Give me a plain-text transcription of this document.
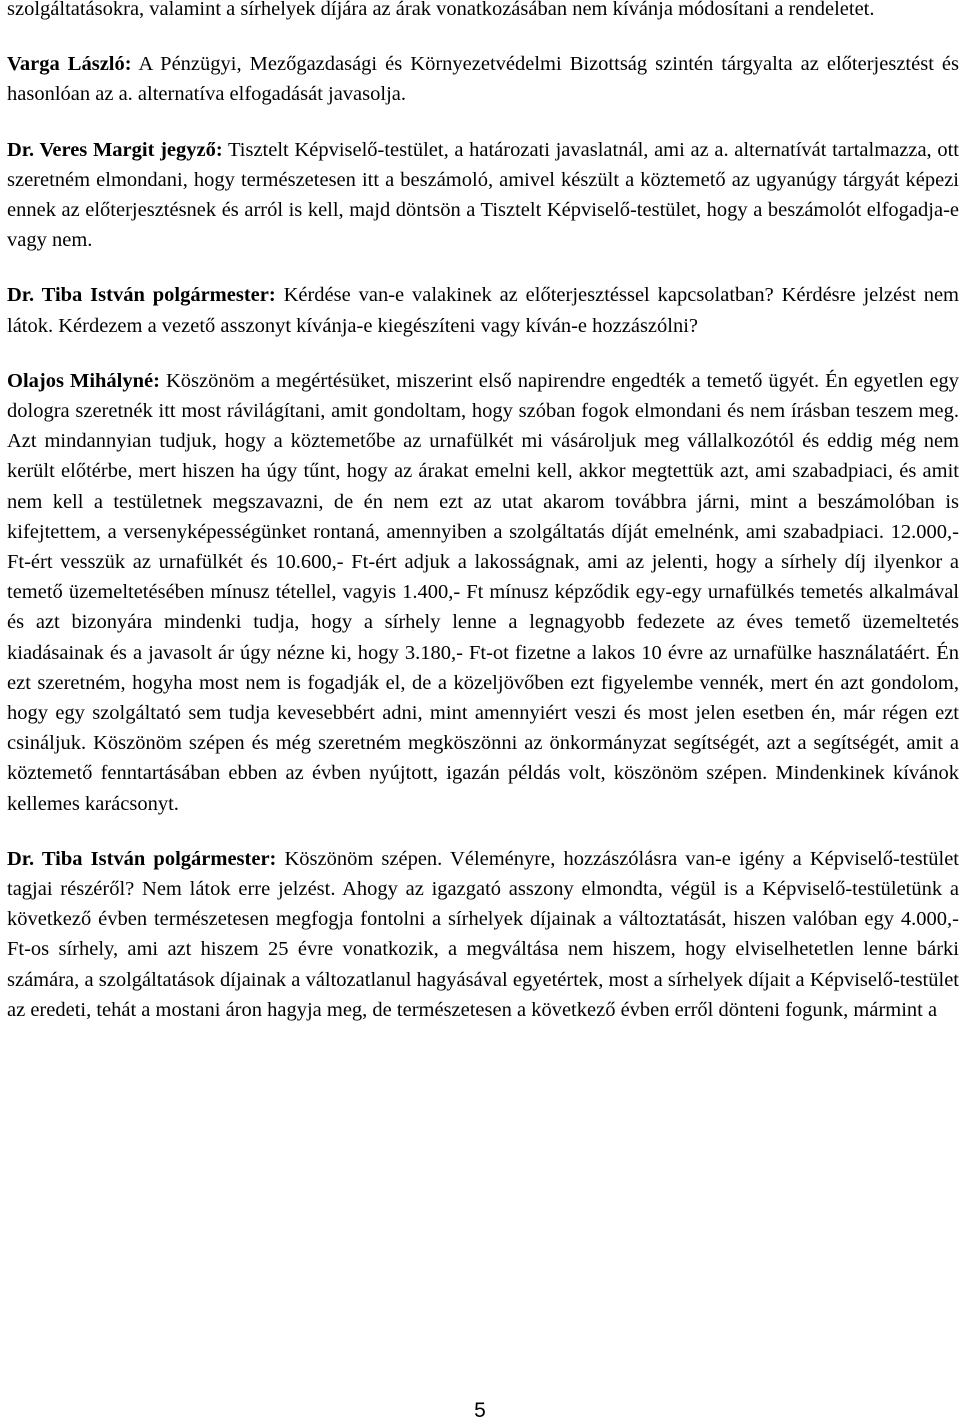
szolgáltatásokra, valamint a sírhelyek díjára az árak vonatkozásában nem kívánja módosítani a rendeletet.

Varga László: A Pénzügyi, Mezőgazdasági és Környezetvédelmi Bizottság szintén tárgyalta az előterjesztést és hasonlóan az a. alternatíva elfogadását javasolja.

Dr. Veres Margit jegyző: Tisztelt Képviselő-testület, a határozati javaslatnál, ami az a. alternatívát tartalmazza, ott szeretném elmondani, hogy természetesen itt a beszámoló, amivel készült a köztemető az ugyanúgy tárgyát képezi ennek az előterjesztésnek és arról is kell, majd döntsön a Tisztelt Képviselő-testület, hogy a beszámolót elfogadja-e vagy nem.

Dr. Tiba István polgármester: Kérdése van-e valakinek az előterjesztéssel kapcsolatban? Kérdésre jelzést nem látok. Kérdezem a vezető asszonyt kívánja-e kiegészíteni vagy kíván-e hozzászólni?

Olajos Mihályné: Köszönöm a megértésüket, miszerint első napirendre engedték a temető ügyét. Én egyetlen egy dologra szeretnék itt most rávilágítani, amit gondoltam, hogy szóban fogok elmondani és nem írásban teszem meg. Azt mindannyian tudjuk, hogy a köztemetőbe az urnafülkét mi vásároljuk meg vállalkozótól és eddig még nem került előtérbe, mert hiszen ha úgy tűnt, hogy az árakat emelni kell, akkor megtettük azt, ami szabadpiaci, és amit nem kell a testületnek megszavazni, de én nem ezt az utat akarom továbbra járni, mint a beszámolóban is kifejtettem, a versenyképességünket rontaná, amennyiben a szolgáltatás díját emelnénk, ami szabadpiaci. 12.000,- Ft-ért vesszük az urnafülkét és 10.600,- Ft-ért adjuk a lakosságnak, ami az jelenti, hogy a sírhely díj ilyenkor a temető üzemeltetésében mínusz tétellel, vagyis 1.400,- Ft mínusz képződik egy-egy urnafülkés temetés alkalmával és azt bizonyára mindenki tudja, hogy a sírhely lenne a legnagyobb fedezete az éves temető üzemeltetés kiadásainak és a javasolt ár úgy nézne ki, hogy 3.180,- Ft-ot fizetne a lakos 10 évre az urnafülke használatáért. Én ezt szeretném, hogyha most nem is fogadják el, de a közeljövőben ezt figyelembe vennék, mert én azt gondolom, hogy egy szolgáltató sem tudja kevesebbért adni, mint amennyiért veszi és most jelen esetben én, már régen ezt csináljuk. Köszönöm szépen és még szeretném megköszönni az önkormányzat segítségét, azt a segítségét, amit a köztemető fenntartásában ebben az évben nyújtott, igazán példás volt, köszönöm szépen. Mindenkinek kívánok kellemes karácsonyt.

Dr. Tiba István polgármester: Köszönöm szépen. Véleményre, hozzászólásra van-e igény a Képviselő-testület tagjai részéről? Nem látok erre jelzést. Ahogy az igazgató asszony elmondta, végül is a Képviselő-testületünk a következő évben természetesen megfogja fontolni a sírhelyek díjainak a változtatását, hiszen valóban egy 4.000,- Ft-os sírhely, ami azt hiszem 25 évre vonatkozik, a megváltása nem hiszem, hogy elviselhetetlen lenne bárki számára, a szolgáltatások díjainak a változatlanul hagyásával egyetértek, most a sírhelyek díjait a Képviselő-testület az eredeti, tehát a mostani áron hagyja meg, de természetesen a következő évben erről dönteni fogunk, mármint a

5
